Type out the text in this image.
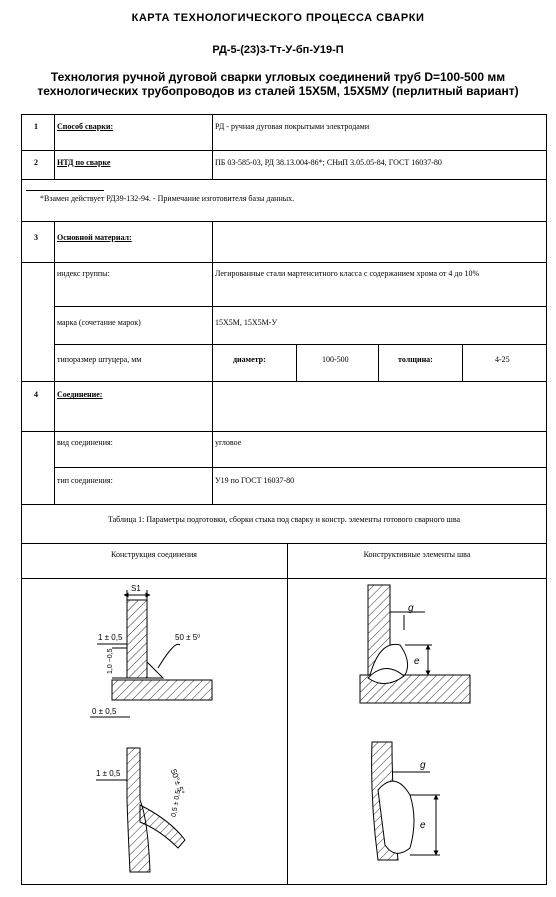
КАРТА ТЕХНОЛОГИЧЕСКОГО ПРОЦЕССА СВАРКИ
РД-5-(23)3-Тт-У-бп-У19-П
Технология ручной дуговой сварки угловых соединений труб D=100-500 мм
технологических трубопроводов из сталей 15Х5М, 15Х5МУ (перлитный вариант)
1 Способ сварки:	РД - ручная дуговая покрытыми электродами
2 НТД по сварке	ПБ 03-585-03, РД 38.13.004-86*; СНиП 3.05.05-84, ГОСТ 16037-80
*Взамен действует РД39-132-94. - Примечание изготовителя базы данных.
3 Основной материал:
индекс группы:	Легированные стали мартенситного класса с содержанием хрома от 4 до 10%
марка (сочетание марок)	15Х5М, 15Х5М-У
типоразмер штуцера, мм	диаметр:	100-500	толщина:	4-25
4 Соединение:
вид соединения:	угловое
тип соединения:	У19 по ГОСТ 16037-80
Таблица 1: Параметры подготовки, сборки стыка под сварку и констр. элементы готового сварного шва
Конструкция соединения	Конструктивные элементы шва
S1
1 ± 0,5
1,0 −0,5
50 ± 5⁰
0 ± 0,5
1 ± 0,5	50°± 5°
0,5 ± 0,5
g
e
g
e
